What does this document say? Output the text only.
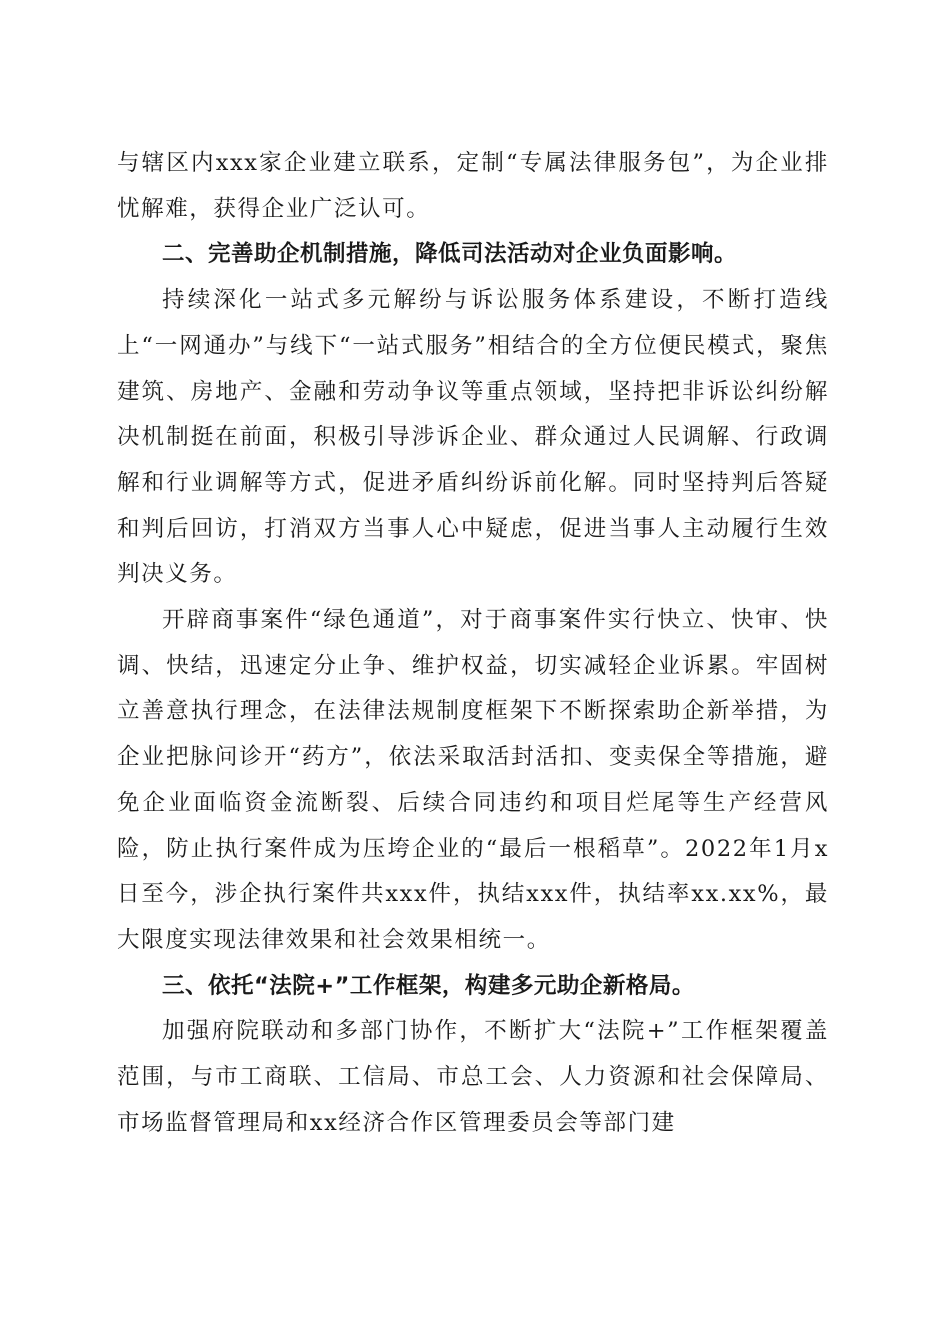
与辖区内xxx家企业建立联系，定制“专属法律服务包”，为企业排忧解难，获得企业广泛认可。

二、完善助企机制措施，降低司法活动对企业负面影响。

持续深化一站式多元解纷与诉讼服务体系建设，不断打造线上“一网通办”与线下“一站式服务”相结合的全方位便民模式，聚焦建筑、房地产、金融和劳动争议等重点领域，坚持把非诉讼纠纷解决机制挺在前面，积极引导涉诉企业、群众通过人民调解、行政调解和行业调解等方式，促进矛盾纠纷诉前化解。同时坚持判后答疑和判后回访，打消双方当事人心中疑虑，促进当事人主动履行生效判决义务。

开辟商事案件“绿色通道”，对于商事案件实行快立、快审、快调、快结，迅速定分止争、维护权益，切实减轻企业诉累。牢固树立善意执行理念，在法律法规制度框架下不断探索助企新举措，为企业把脉问诊开“药方”，依法采取活封活扣、变卖保全等措施，避免企业面临资金流断裂、后续合同违约和项目烂尾等生产经营风险，防止执行案件成为压垮企业的“最后一根稻草”。2022年1月x日至今，涉企执行案件共xxx件，执结xxx件，执结率xx.xx%，最大限度实现法律效果和社会效果相统一。

三、依托“法院+”工作框架，构建多元助企新格局。

加强府院联动和多部门协作，不断扩大“法院+”工作框架覆盖范围，与市工商联、工信局、市总工会、人力资源和社会保障局、市场监督管理局和xx经济合作区管理委员会等部门建
